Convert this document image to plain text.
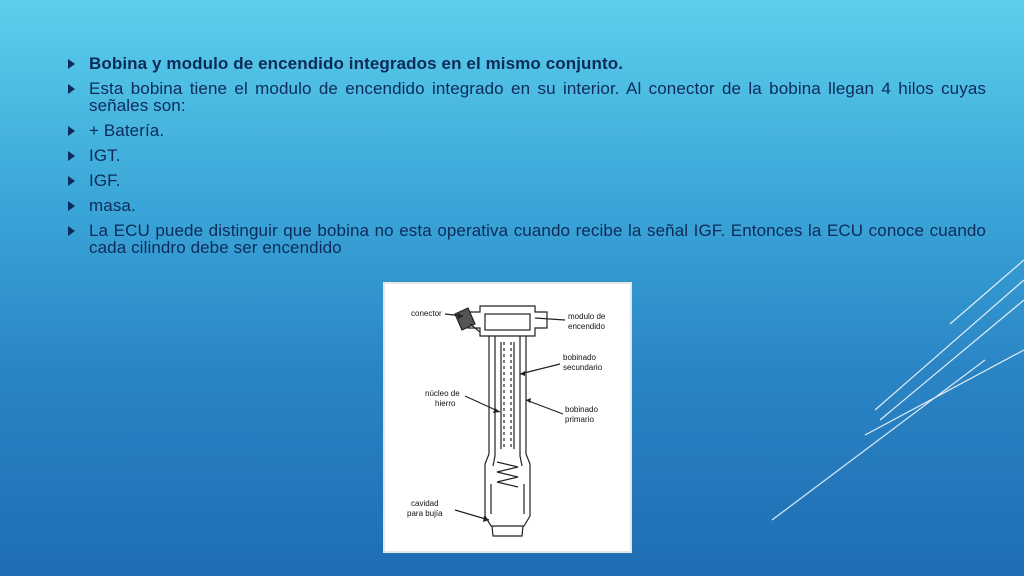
Bobina y modulo de encendido integrados en el mismo conjunto.
Esta bobina tiene el modulo de encendido integrado en su interior. Al conector de la bobina llegan 4 hilos cuyas señales son:
+ Batería.
IGT.
IGF.
masa.
La ECU puede distinguir que bobina no esta operativa cuando recibe la señal IGF. Entonces la ECU conoce cuando cada cilindro debe ser encendido
conector	modulo de
encendido
bobinado
secundario
núcleo de
hierro
bobinado
primario
cavidad
para bujía
